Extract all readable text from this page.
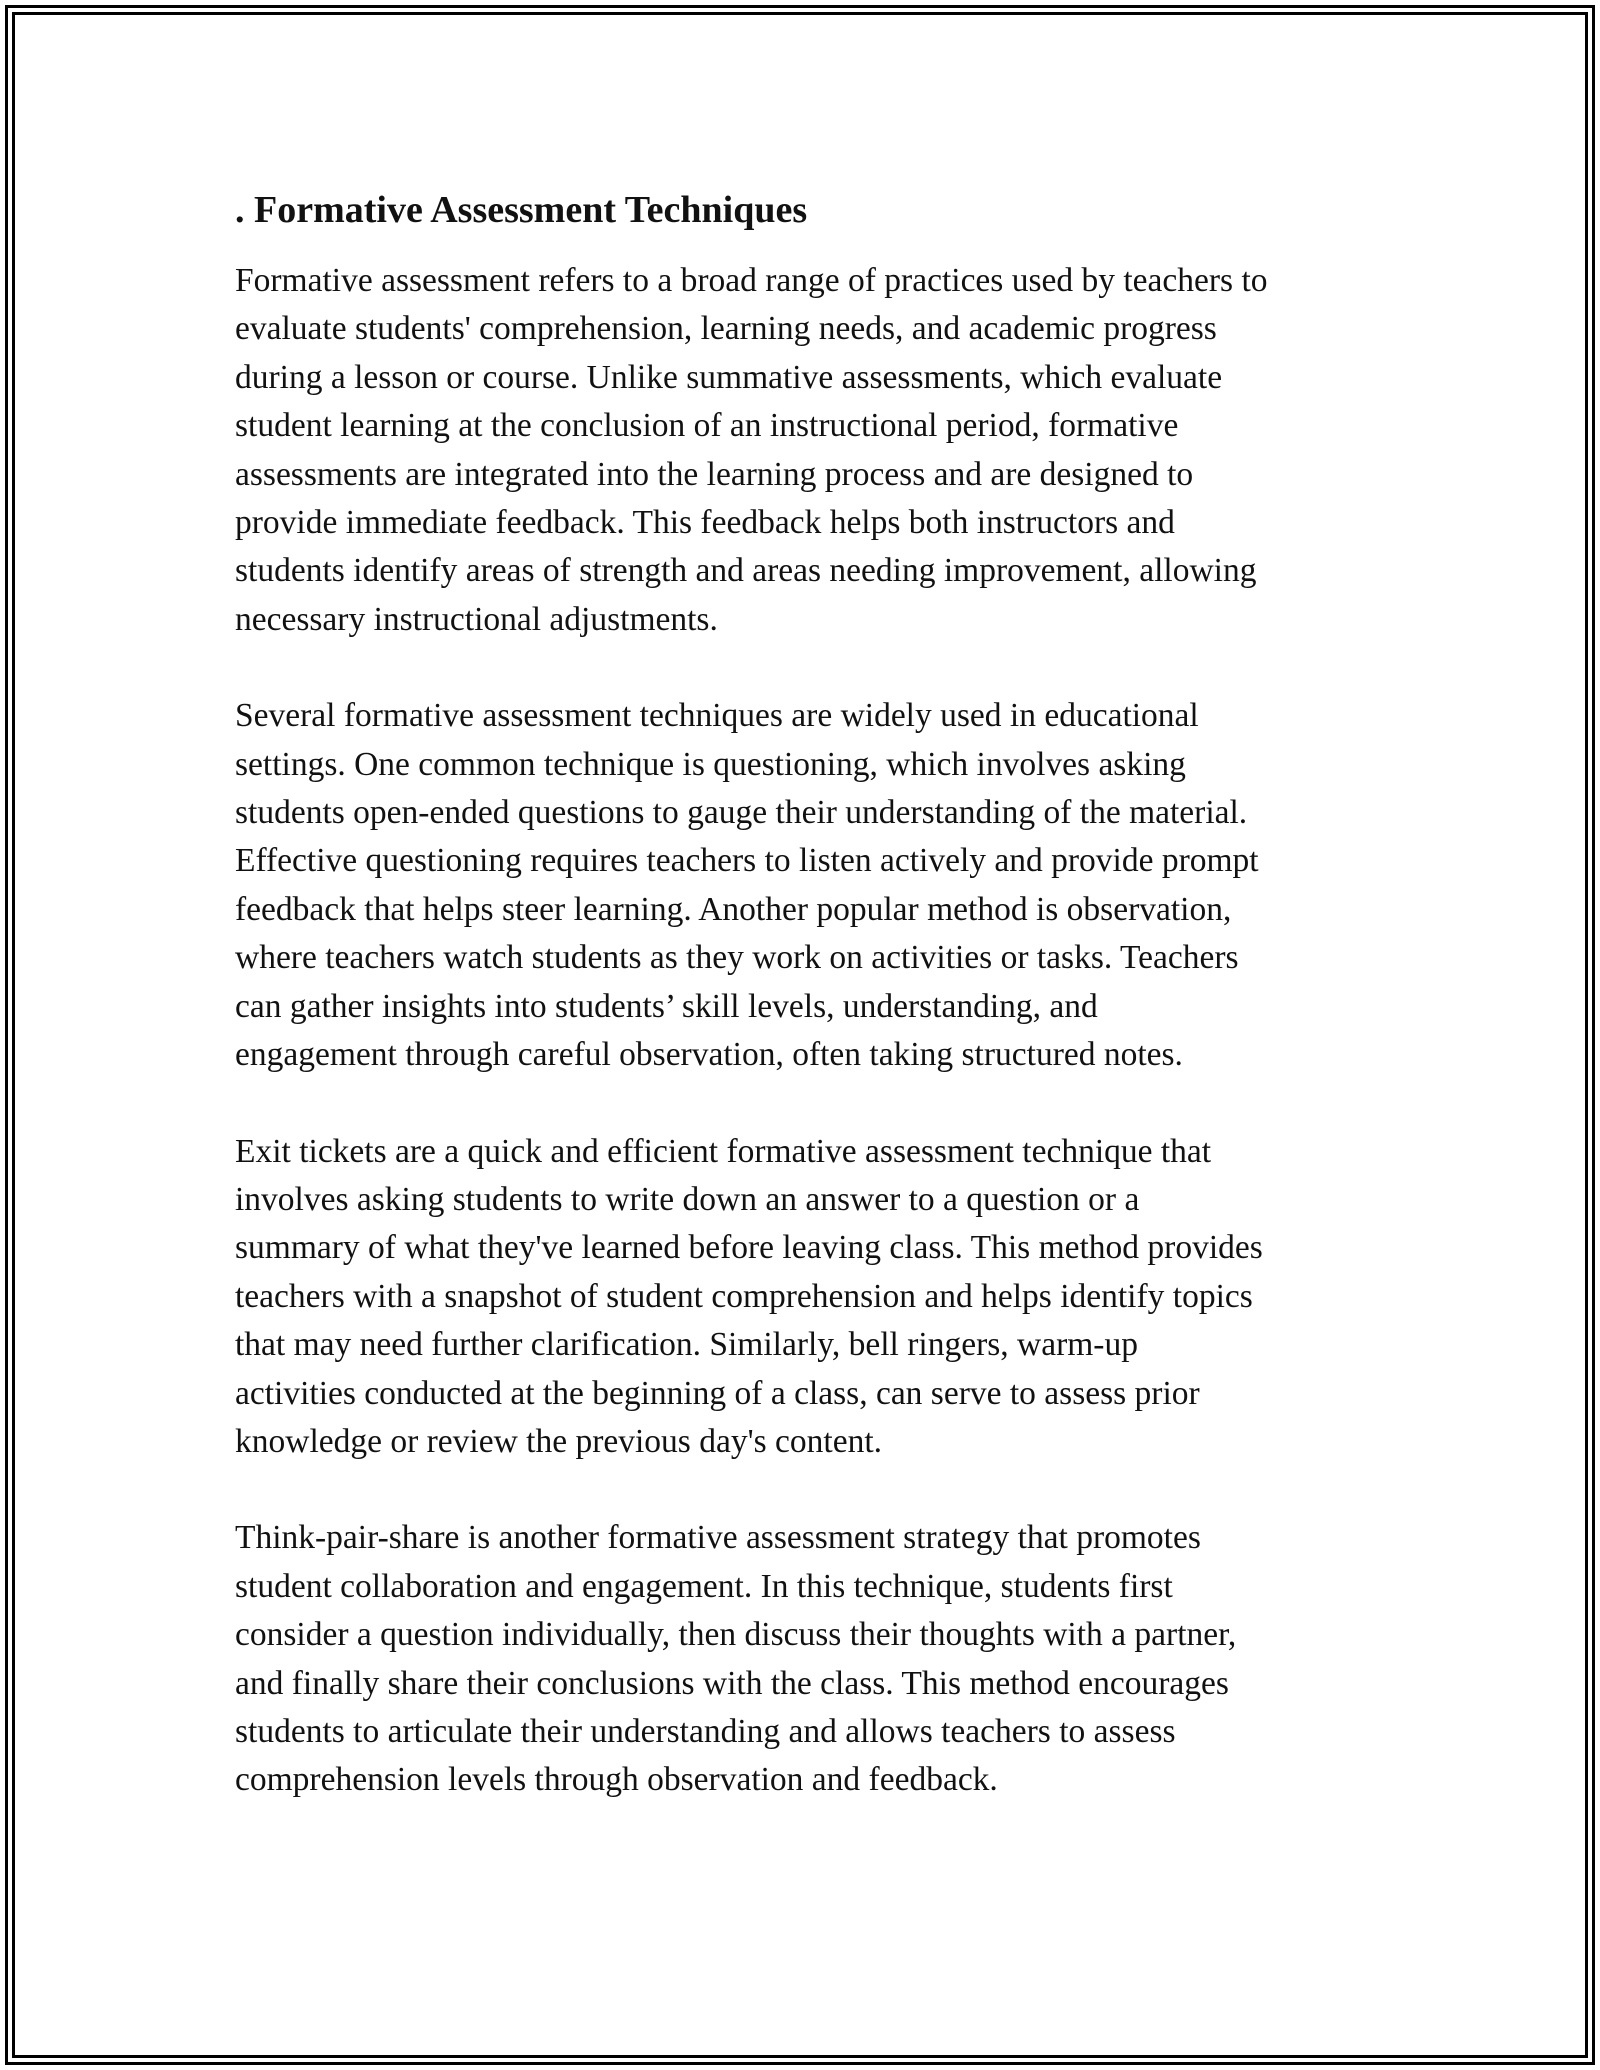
. Formative Assessment Techniques

Formative assessment refers to a broad range of practices used by teachers to
evaluate students' comprehension, learning needs, and academic progress
during a lesson or course. Unlike summative assessments, which evaluate
student learning at the conclusion of an instructional period, formative
assessments are integrated into the learning process and are designed to
provide immediate feedback. This feedback helps both instructors and
students identify areas of strength and areas needing improvement, allowing
necessary instructional adjustments.

Several formative assessment techniques are widely used in educational
settings. One common technique is questioning, which involves asking
students open-ended questions to gauge their understanding of the material.
Effective questioning requires teachers to listen actively and provide prompt
feedback that helps steer learning. Another popular method is observation,
where teachers watch students as they work on activities or tasks. Teachers
can gather insights into students’ skill levels, understanding, and
engagement through careful observation, often taking structured notes.

Exit tickets are a quick and efficient formative assessment technique that
involves asking students to write down an answer to a question or a
summary of what they've learned before leaving class. This method provides
teachers with a snapshot of student comprehension and helps identify topics
that may need further clarification. Similarly, bell ringers, warm-up
activities conducted at the beginning of a class, can serve to assess prior
knowledge or review the previous day's content.

Think-pair-share is another formative assessment strategy that promotes
student collaboration and engagement. In this technique, students first
consider a question individually, then discuss their thoughts with a partner,
and finally share their conclusions with the class. This method encourages
students to articulate their understanding and allows teachers to assess
comprehension levels through observation and feedback.
